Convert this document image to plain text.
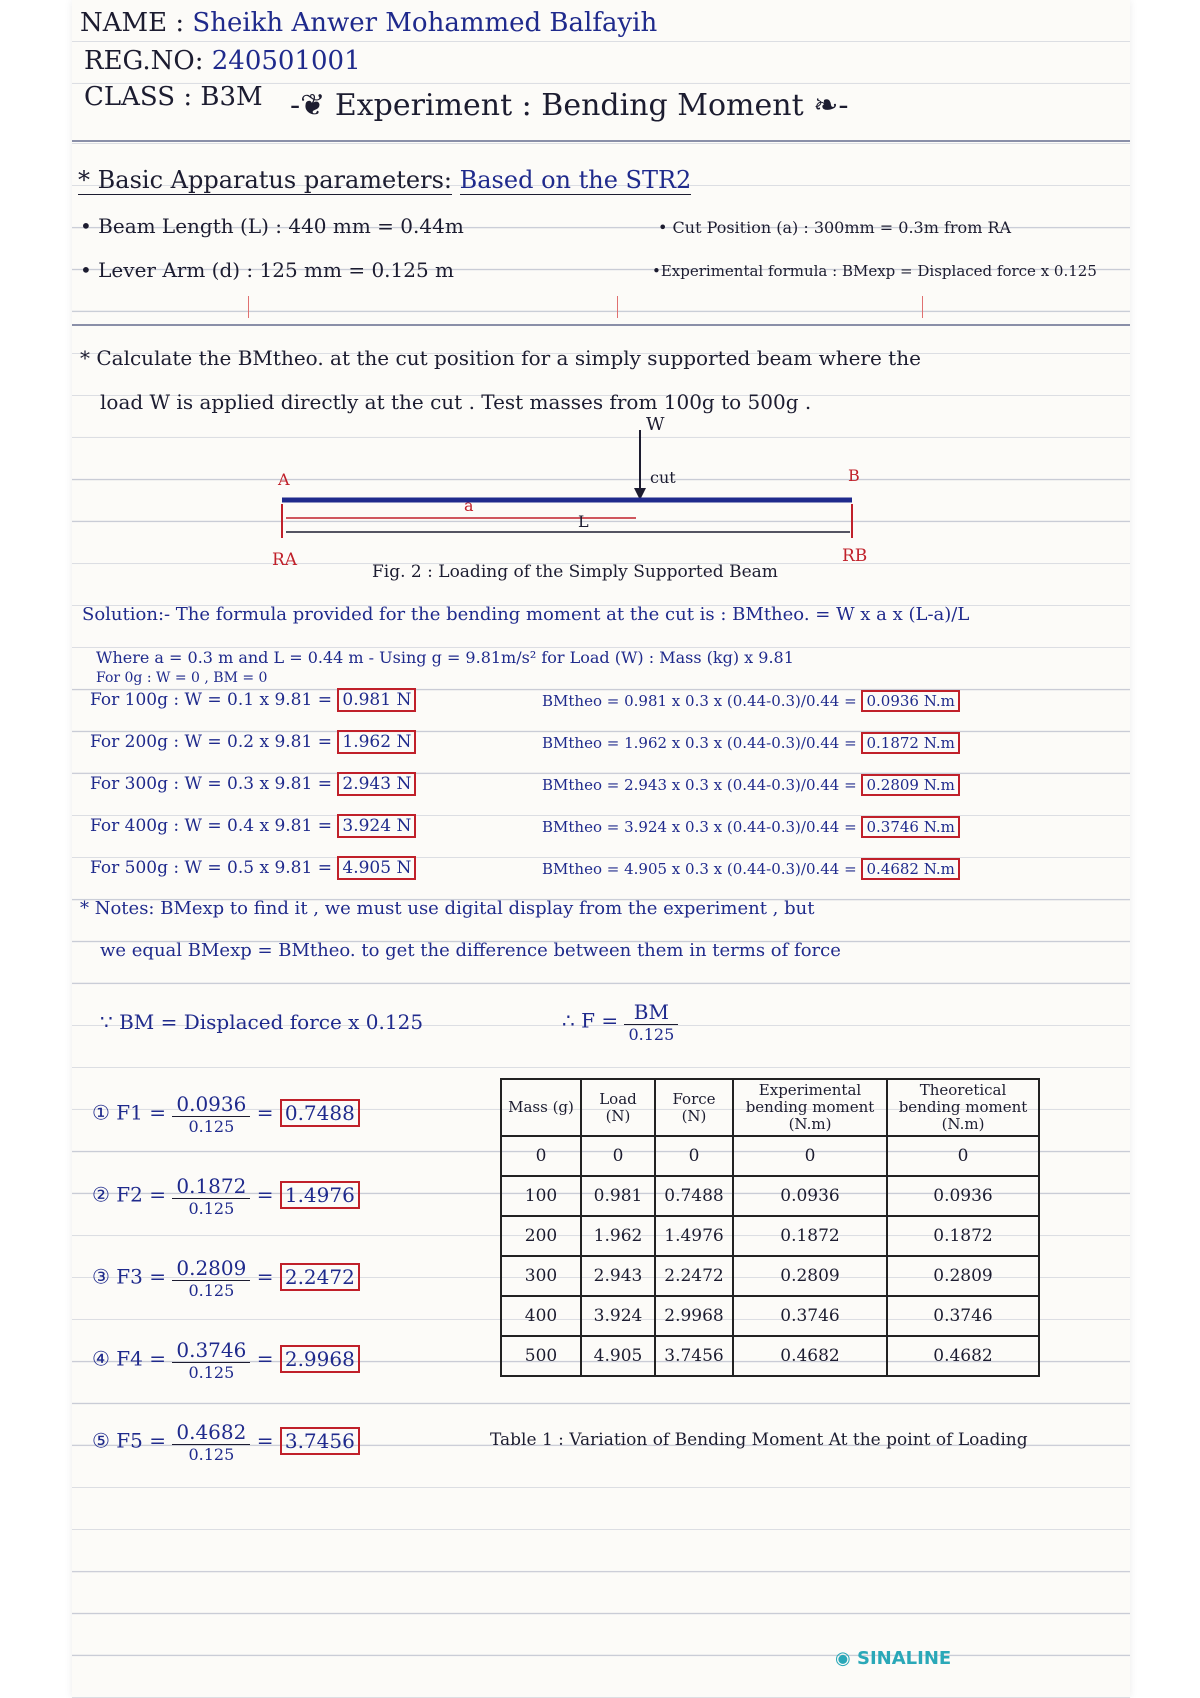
NAME : Sheikh Anwer Mohammed Balfayih
REG.NO: 240501001
CLASS : B3M -❦ Experiment : Bending Moment ❧-
* Basic Apparatus parameters: Based on the STR2
• Beam Length (L) : 440 mm = 0.44m	• Cut Position (a) : 300mm = 0.3m from RA
• Lever Arm (d) : 125 mm = 0.125 m	•Experimental formula : BMexp = Displaced force x 0.125
* Calculate the BMtheo. at the cut position for a simply supported beam where the
load W is applied directly at the cut . Test masses from 100g to 500g .
W
cut
A	B
a
L
RA	RB
Fig. 2 : Loading of the Simply Supported Beam
Solution:- The formula provided for the bending moment at the cut is : BMtheo. = W x a x (L-a)/L
Where a = 0.3 m and L = 0.44 m - Using g = 9.81m/s² for Load (W) : Mass (kg) x 9.81
For 0g : W = 0 , BM = 0
For 100g : W = 0.1 x 9.81 = 0.981 N	BMtheo = 0.981 x 0.3 x (0.44-0.3)/0.44 = 0.0936 N.m
For 200g : W = 0.2 x 9.81 = 1.962 N	BMtheo = 1.962 x 0.3 x (0.44-0.3)/0.44 = 0.1872 N.m
For 300g : W = 0.3 x 9.81 = 2.943 N	BMtheo = 2.943 x 0.3 x (0.44-0.3)/0.44 = 0.2809 N.m
For 400g : W = 0.4 x 9.81 = 3.924 N	BMtheo = 3.924 x 0.3 x (0.44-0.3)/0.44 = 0.3746 N.m
For 500g : W = 0.5 x 9.81 = 4.905 N	BMtheo = 4.905 x 0.3 x (0.44-0.3)/0.44 = 0.4682 N.m
* Notes: BMexp to find it , we must use digital display from the experiment , but
we equal BMexp = BMtheo. to get the difference between them in terms of force
∵ BM = Displaced force x 0.125	∴ $F = \frac{BM}{0.125}$
① $F1 = \frac{0.0936}{0.125} = 0.7488$
② $F2 = \frac{0.1872}{0.125} = 1.4976$
③ $F3 = \frac{0.2809}{0.125} = 2.2472$
④ $F4 = \frac{0.3746}{0.125} = 2.9968$
⑤ $F5 = \frac{0.4682}{0.125} = 3.7456$
Mass (g)	Load (N)	Force (N)	Experimental bending moment (N.m)	Theoretical bending moment (N.m)
0	0	0	0	0
100	0.981	0.7488	0.0936	0.0936
200	1.962	1.4976	0.1872	0.1872
300	2.943	2.2472	0.2809	0.2809
400	3.924	2.9968	0.3746	0.3746
500	4.905	3.7456	0.4682	0.4682
Table 1 : Variation of Bending Moment At the point of Loading
◉ SINALINE
